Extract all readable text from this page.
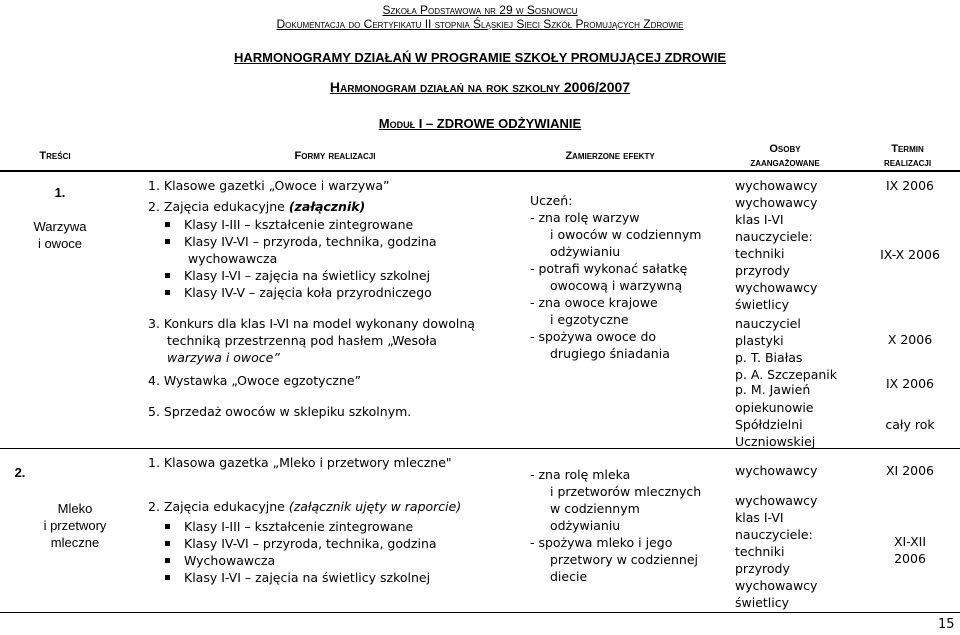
Szkoła Podstawowa nr 29 w Sosnowcu
Dokumentacja do Certyfikatu II stopnia Śląskiej Sieci Szkół Promujących Zdrowie
HARMONOGRAMY DZIAŁAŃ W PROGRAMIE SZKOŁY PROMUJĄCEJ ZDROWIE
Harmonogram działań na rok szkolny 2006/2007
Moduł I – ZDROWE ODŻYWIANIE
Treści	Formy realizacji	Zamierzone efekty
Osoby
zaangażowane
Termin
realizacji
1.
Warzywa
i owoce
1. Klasowe gazetki „Owoce i warzywa”
2. Zajęcia edukacyjne (załącznik)
Klasy I-III – kształcenie zintegrowane
Klasy IV-VI – przyroda, technika, godzina
wychowawcza
Klasy I-VI – zajęcia na świetlicy szkolnej
Klasy IV-V – zajęcia koła przyrodniczego
3. Konkurs dla klas I-VI na model wykonany dowolną
techniką przestrzenną pod hasłem „Wesoła
warzywa i owoce”
4. Wystawka „Owoce egzotyczne”
5. Sprzedaż owoców w sklepiku szkolnym.
Uczeń:
- zna rolę warzyw
i owoców w codziennym
odżywianiu
- potrafi wykonać sałatkę
owocową i warzywną
- zna owoce krajowe
i egzotyczne
- spożywa owoce do
drugiego śniadania
wychowawcy
wychowawcy
klas I-VI
nauczyciele:
techniki
przyrody
wychowawcy
świetlicy
nauczyciel
plastyki
p. T. Białas
p. A. Szczepanik
p. M. Jawień
opiekunowie
Spółdzielni
Uczniowskiej
IX 2006
IX-X 2006
X 2006
IX 2006
cały rok
2.
Mleko
i przetwory
mleczne
1. Klasowa gazetka „Mleko i przetwory mleczne"
2. Zajęcia edukacyjne (załącznik ujęty w raporcie)
Klasy I-III – kształcenie zintegrowane
Klasy IV-VI – przyroda, technika, godzina
Wychowawcza
Klasy I-VI – zajęcia na świetlicy szkolnej
- zna rolę mleka
i przetworów mlecznych
w codziennym
odżywianiu
- spożywa mleko i jego
przetwory w codziennej
diecie
wychowawcy
wychowawcy
klas I-VI
nauczyciele:
techniki
przyrody
wychowawcy
świetlicy
XI 2006
XI-XII
2006
15
